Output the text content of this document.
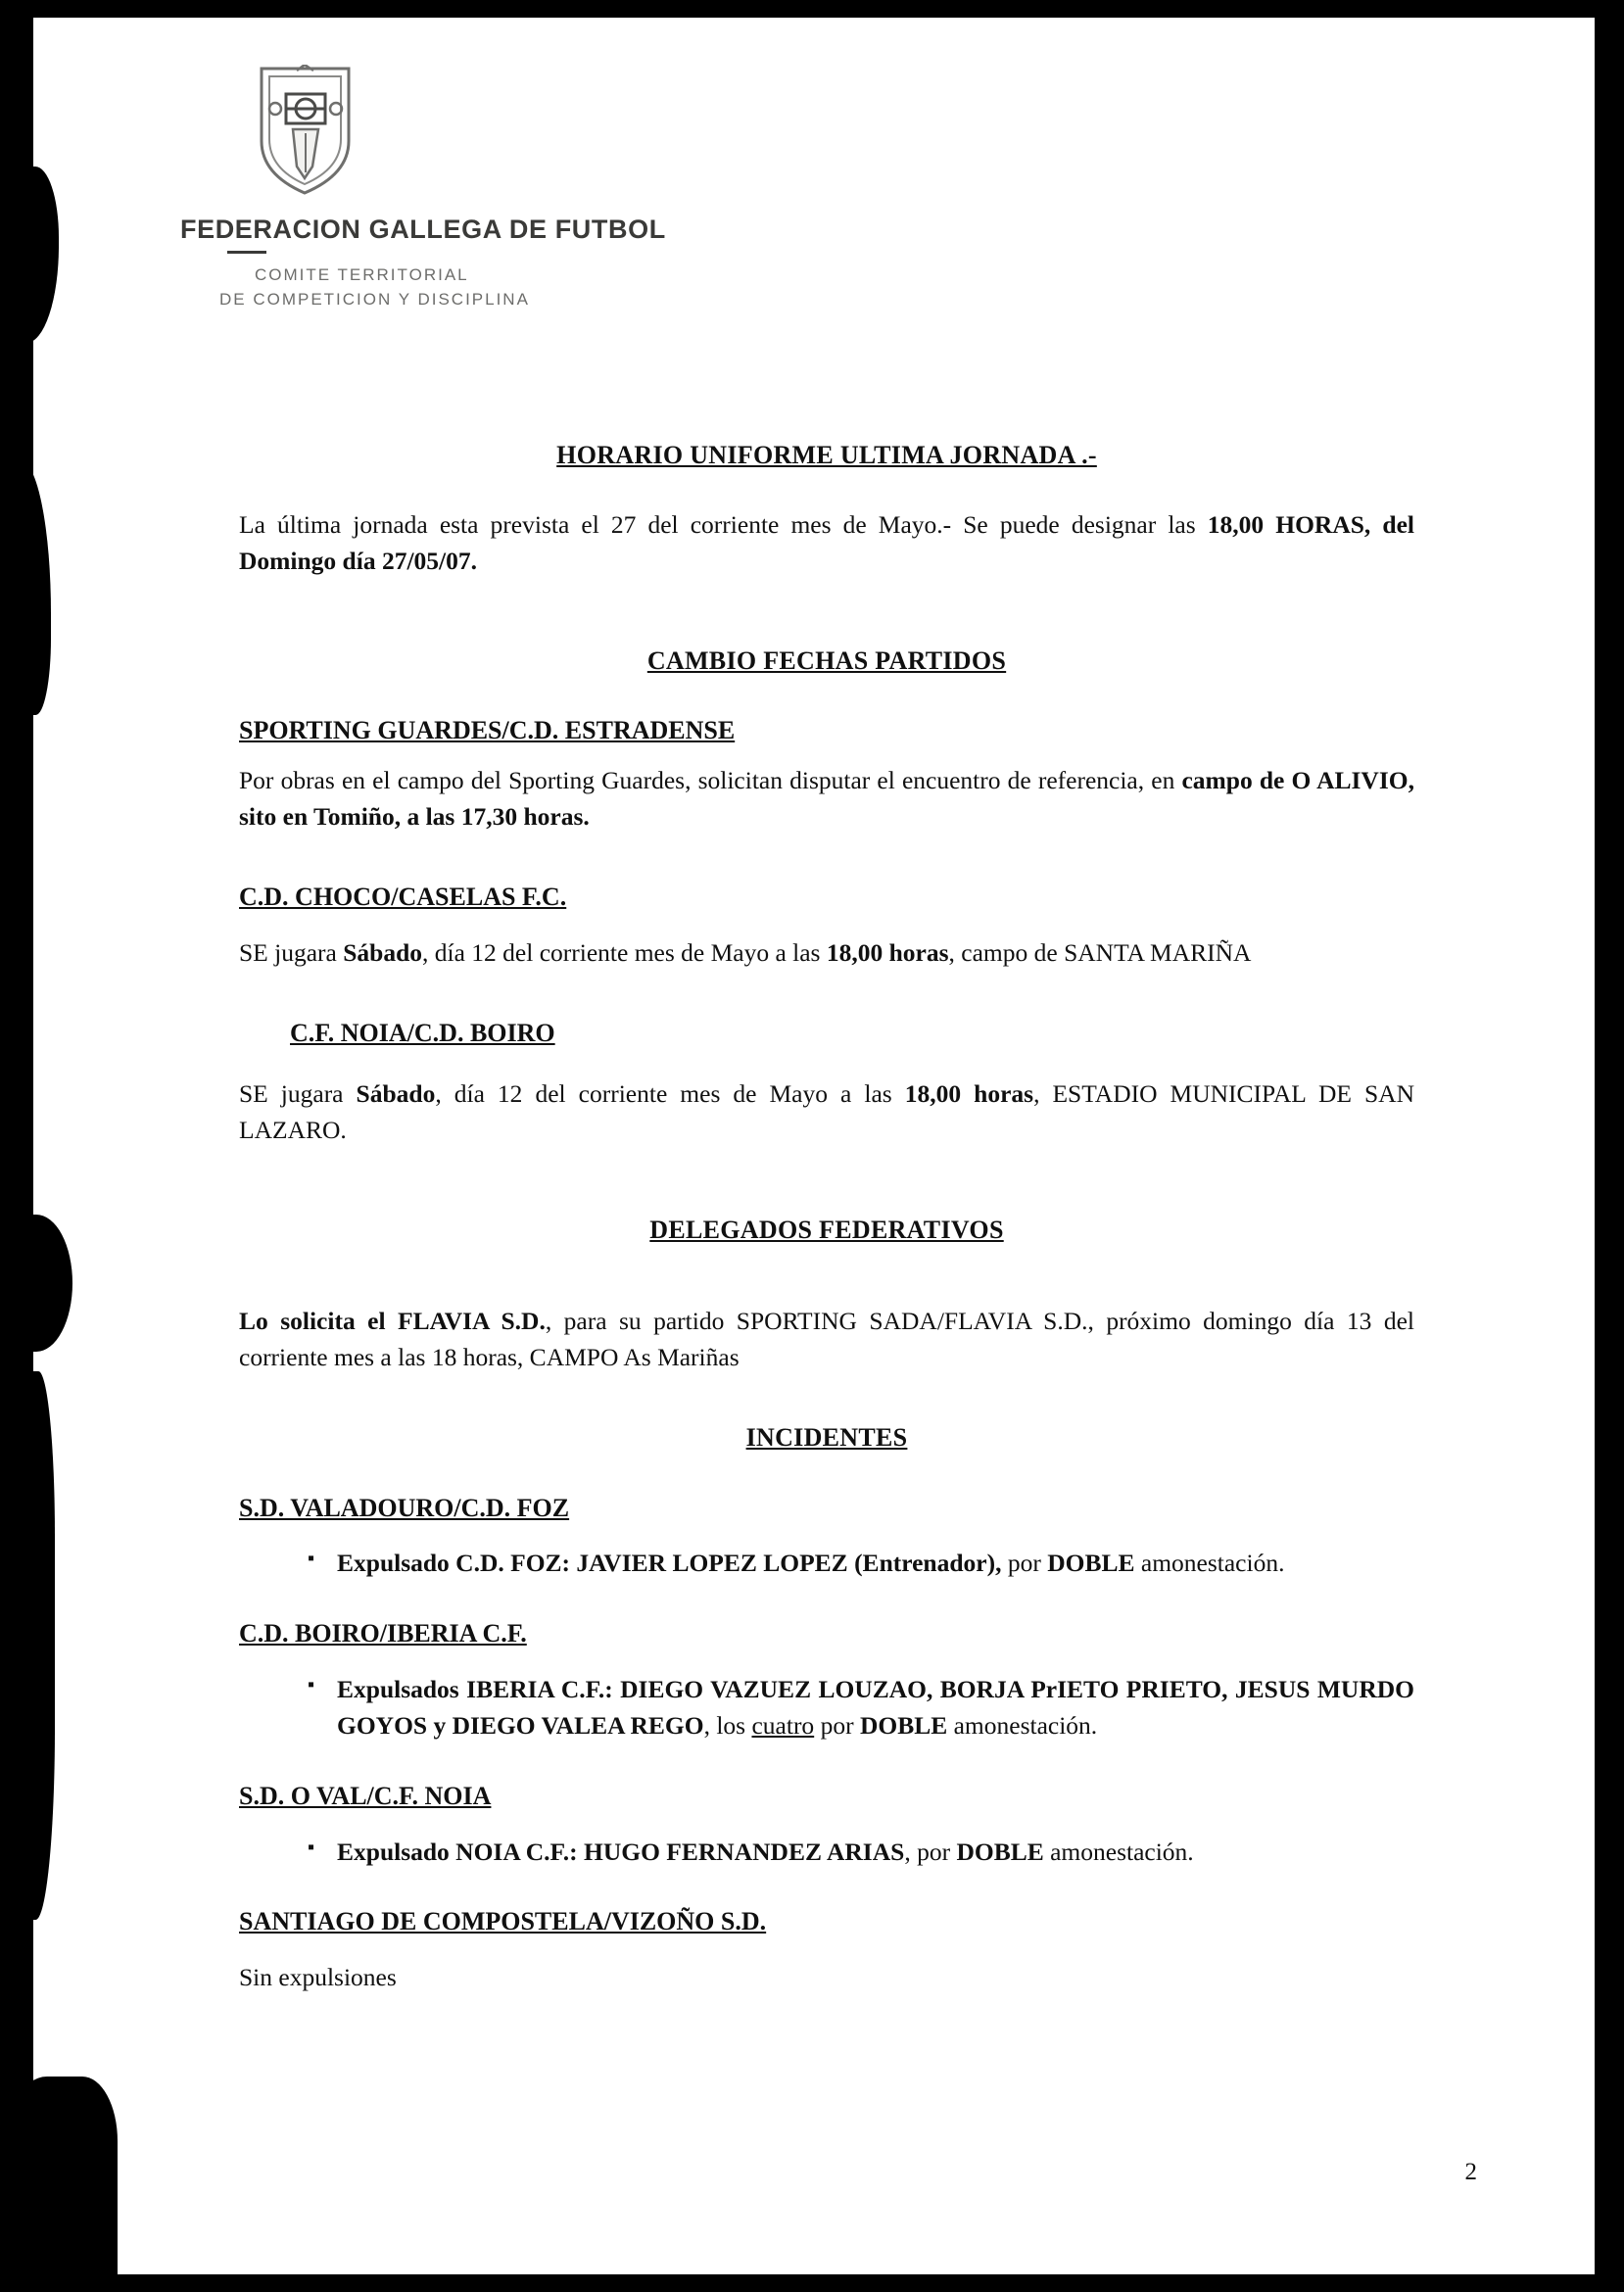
FEDERACION GALLEGA DE FUTBOL
COMITE TERRITORIAL
DE COMPETICION Y DISCIPLINA
HORARIO UNIFORME ULTIMA JORNADA .-

La última jornada esta prevista el 27 del corriente mes de Mayo.- Se puede designar las 18,00 HORAS, del Domingo día 27/05/07.

CAMBIO FECHAS PARTIDOS
SPORTING GUARDES/C.D. ESTRADENSE

Por obras en el campo del Sporting Guardes, solicitan disputar el encuentro de referencia, en campo de O ALIVIO, sito en Tomiño, a las 17,30 horas.

C.D. CHOCO/CASELAS F.C.

SE jugara Sábado, día 12 del corriente mes de Mayo a las 18,00 horas, campo de SANTA MARIÑA

C.F. NOIA/C.D. BOIRO

SE jugara Sábado, día 12 del corriente mes de Mayo a las 18,00 horas, ESTADIO MUNICIPAL DE SAN LAZARO.

DELEGADOS FEDERATIVOS

Lo solicita el FLAVIA S.D., para su partido SPORTING SADA/FLAVIA S.D., próximo domingo día 13 del corriente mes a las 18 horas, CAMPO As Mariñas

INCIDENTES
S.D. VALADOURO/C.D. FOZ
▪ Expulsado C.D. FOZ: JAVIER LOPEZ LOPEZ (Entrenador), por DOBLE amonestación.
C.D. BOIRO/IBERIA C.F.
▪ Expulsados IBERIA C.F.: DIEGO VAZUEZ LOUZAO, BORJA PrIETO PRIETO, JESUS MURDO GOYOS y DIEGO VALEA REGO, los cuatro por DOBLE amonestación.
S.D. O VAL/C.F. NOIA
▪ Expulsado NOIA C.F.: HUGO FERNANDEZ ARIAS, por DOBLE amonestación.
SANTIAGO DE COMPOSTELA/VIZOÑO S.D.

Sin expulsiones

2
